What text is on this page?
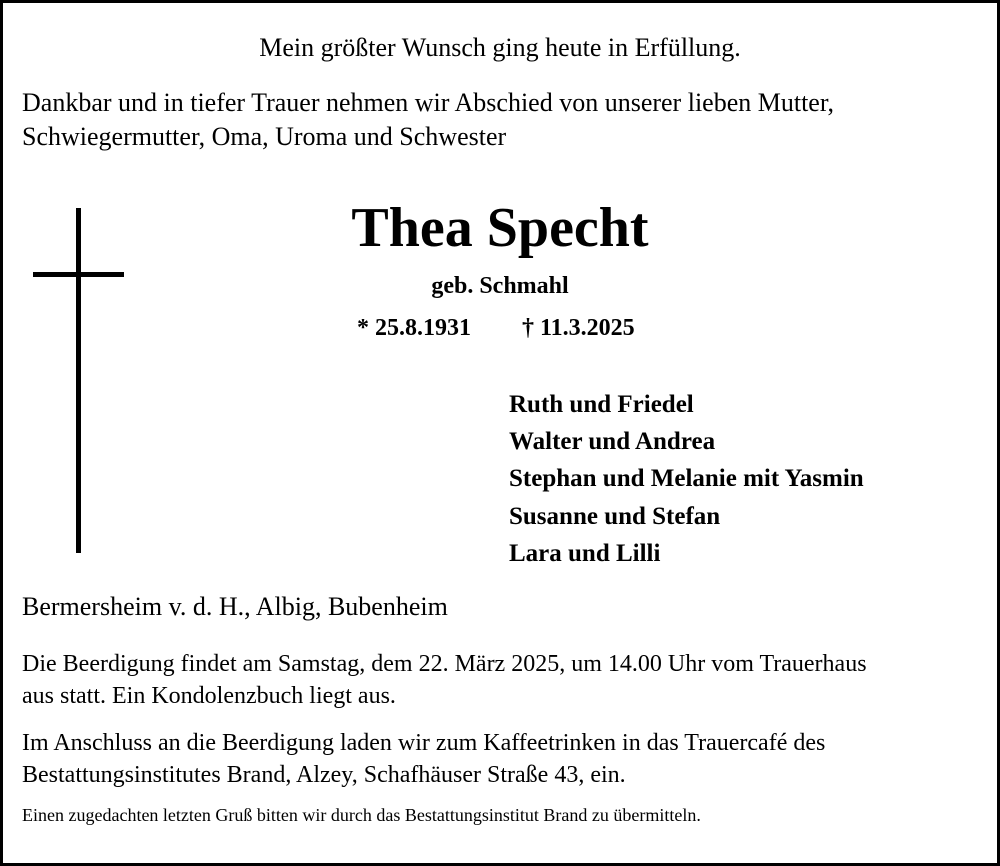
Mein größter Wunsch ging heute in Erfüllung.
Dankbar und in tiefer Trauer nehmen wir Abschied von unserer lieben Mutter,
Schwiegermutter, Oma, Uroma und Schwester
Thea Specht
geb. Schmahl
* 25.8.1931 † 11.3.2025
Ruth und Friedel
Walter und Andrea
Stephan und Melanie mit Yasmin
Susanne und Stefan
Lara und Lilli
Bermersheim v. d. H., Albig, Bubenheim
Die Beerdigung findet am Samstag, dem 22. März 2025, um 14.00 Uhr vom Trauerhaus
aus statt. Ein Kondolenzbuch liegt aus.
Im Anschluss an die Beerdigung laden wir zum Kaffeetrinken in das Trauercafé des
Bestattungsinstitutes Brand, Alzey, Schafhäuser Straße 43, ein.
Einen zugedachten letzten Gruß bitten wir durch das Bestattungsinstitut Brand zu übermitteln.
